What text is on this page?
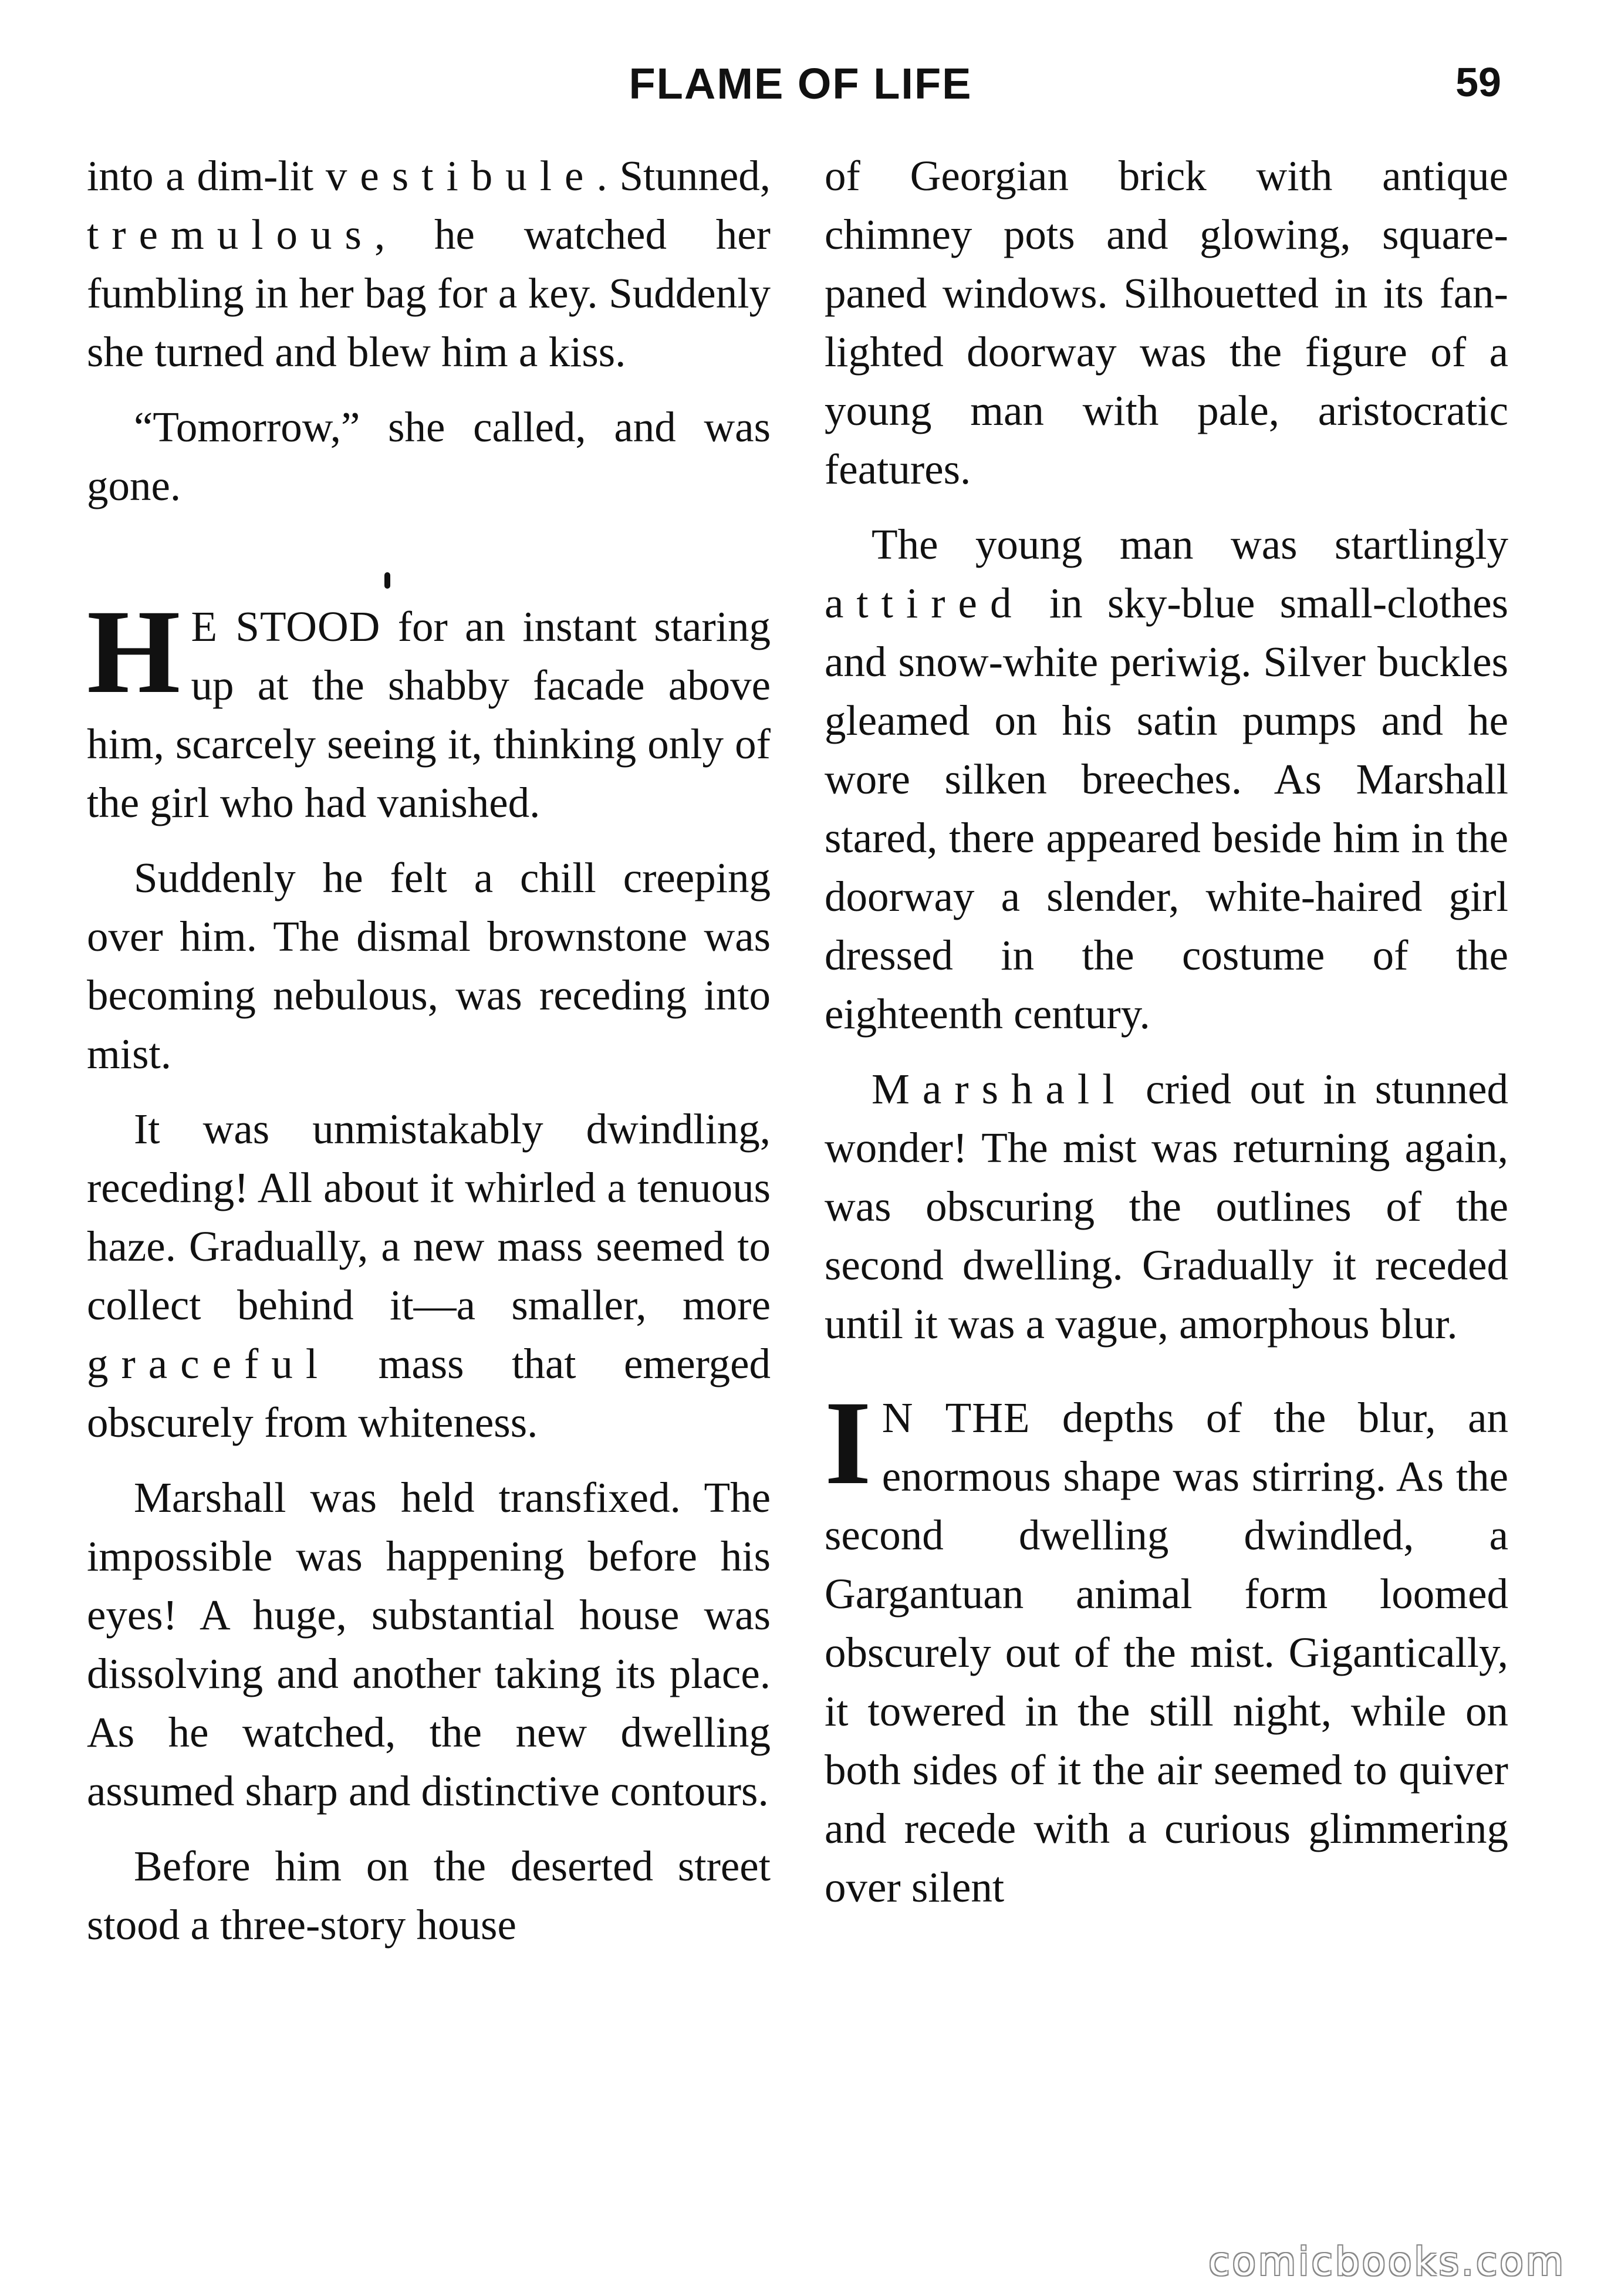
FLAME OF LIFE	59

into a dim-lit vestibule. Stunned, tremulous, he watched her fumbling in her bag for a key. Suddenly she turned and blew him a kiss.

“Tomorrow,” she called, and was gone.

H E STOOD for an instant staring up at the shabby facade above him, scarcely seeing it, thinking only of the girl who had vanished.

Suddenly he felt a chill creeping over him. The dismal brownstone was becoming nebulous, was receding into mist.

It was unmistakably dwindling, receding! All about it whirled a tenuous haze. Gradually, a new mass seemed to collect behind it—a smaller, more graceful mass that emerged obscurely from whiteness.

Marshall was held transfixed. The impossible was happening before his eyes! A huge, substantial house was dissolving and another taking its place. As he watched, the new dwelling assumed sharp and distinctive contours.

Before him on the deserted street stood a three-story house

of Georgian brick with antique chimney pots and glowing, square-paned windows. Silhouetted in its fan-lighted doorway was the figure of a young man with pale, aristocratic features.

The young man was startlingly attired in sky-blue small-clothes and snow-white periwig. Silver buckles gleamed on his satin pumps and he wore silken breeches. As Marshall stared, there appeared beside him in the doorway a slender, white-haired girl dressed in the costume of the eighteenth century.

Marshall cried out in stunned wonder! The mist was returning again, was obscuring the outlines of the second dwelling. Gradually it receded until it was a vague, amorphous blur.

I N THE depths of the blur, an enormous shape was stirring. As the second dwelling dwindled, a Gargantuan animal form loomed obscurely out of the mist. Gigantically, it towered in the still night, while on both sides of it the air seemed to quiver and recede with a curious glimmering over silent

comicbooks.com
